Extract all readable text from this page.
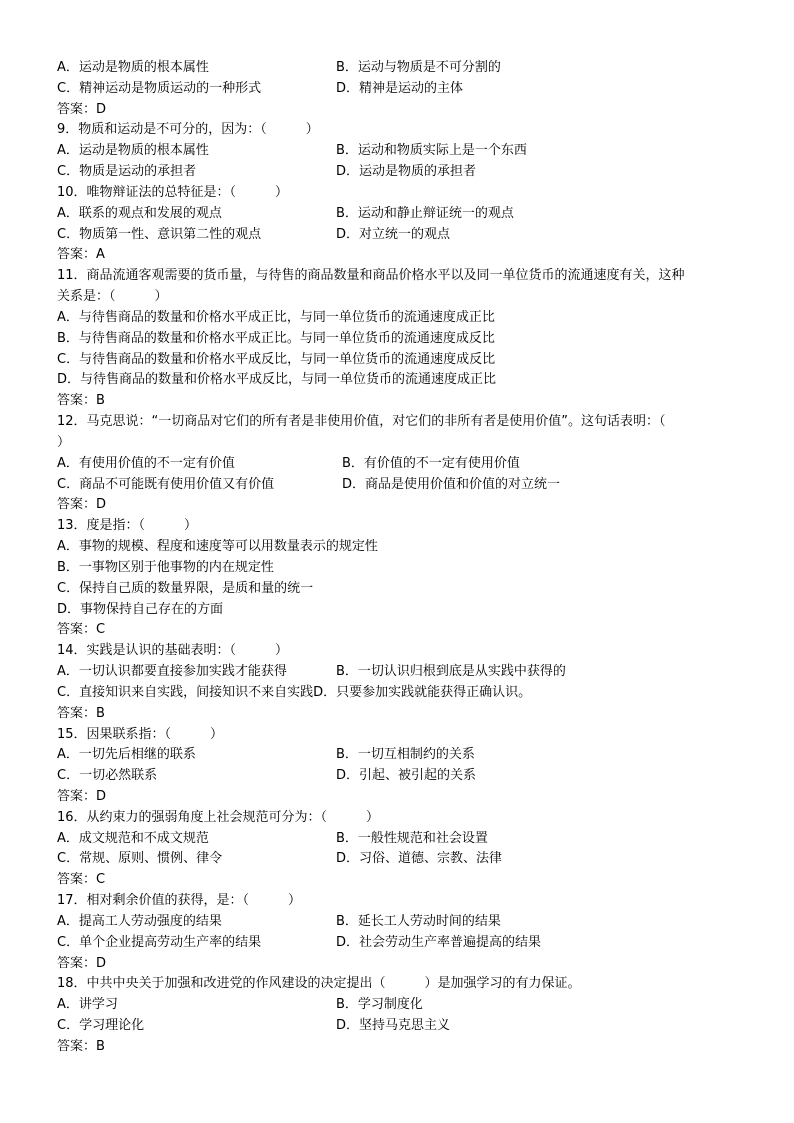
A．运动是物质的根本属性	B．运动与物质是不可分割的
C．精神运动是物质运动的一种形式	D．精神是运动的主体
答案：D
9．物质和运动是不可分的，因为：（　　　）
A．运动是物质的根本属性	B．运动和物质实际上是一个东西
C．物质是运动的承担者	D．运动是物质的承担者
10．唯物辩证法的总特征是：（　　　）
A．联系的观点和发展的观点	B．运动和静止辩证统一的观点
C．物质第一性、意识第二性的观点	D．对立统一的观点
答案：A
11．商品流通客观需要的货币量，与待售的商品数量和商品价格水平以及同一单位货币的流通速度有关，这种
关系是：（　　　）
A．与待售商品的数量和价格水平成正比，与同一单位货币的流通速度成正比
B．与待售商品的数量和价格水平成正比。与同一单位货币的流通速度成反比
C．与待售商品的数量和价格水平成反比，与同一单位货币的流通速度成反比
D．与待售商品的数量和价格水平成反比，与同一单位货币的流通速度成正比
答案：B
12．马克思说：“一切商品对它们的所有者是非使用价值，对它们的非所有者是使用价值”。这句话表明：（
）
A．有使用价值的不一定有价值	B．有价值的不一定有使用价值
C．商品不可能既有使用价值又有价值	D．商品是使用价值和价值的对立统一
答案：D
13．度是指：（　　　）
A．事物的规模、程度和速度等可以用数量表示的规定性
B．一事物区别于他事物的内在规定性
C．保持自己质的数量界限，是质和量的统一
D．事物保持自己存在的方面
答案：C
14．实践是认识的基础表明：（　　　）
A．一切认识都要直接参加实践才能获得	B．一切认识归根到底是从实践中获得的
C．直接知识来自实践，间接知识不来自实践D．只要参加实践就能获得正确认识。
答案：B
15．因果联系指：（　　　）
A．一切先后相继的联系	B．一切互相制约的关系
C．一切必然联系	D．引起、被引起的关系
答案：D
16．从约束力的强弱角度上社会规范可分为：（　　　）
A．成文规范和不成文规范	B．一般性规范和社会设置
C．常规、原则、惯例、律令	D．习俗、道德、宗教、法律
答案：C
17．相对剩余价值的获得，是：（　　　）
A．提高工人劳动强度的结果	B．延长工人劳动时间的结果
C．单个企业提高劳动生产率的结果	D．社会劳动生产率普遍提高的结果
答案：D
18．中共中央关于加强和改进党的作风建设的决定提出（　　　）是加强学习的有力保证。
A．讲学习	B．学习制度化
C．学习理论化	D．坚持马克思主义
答案：B
